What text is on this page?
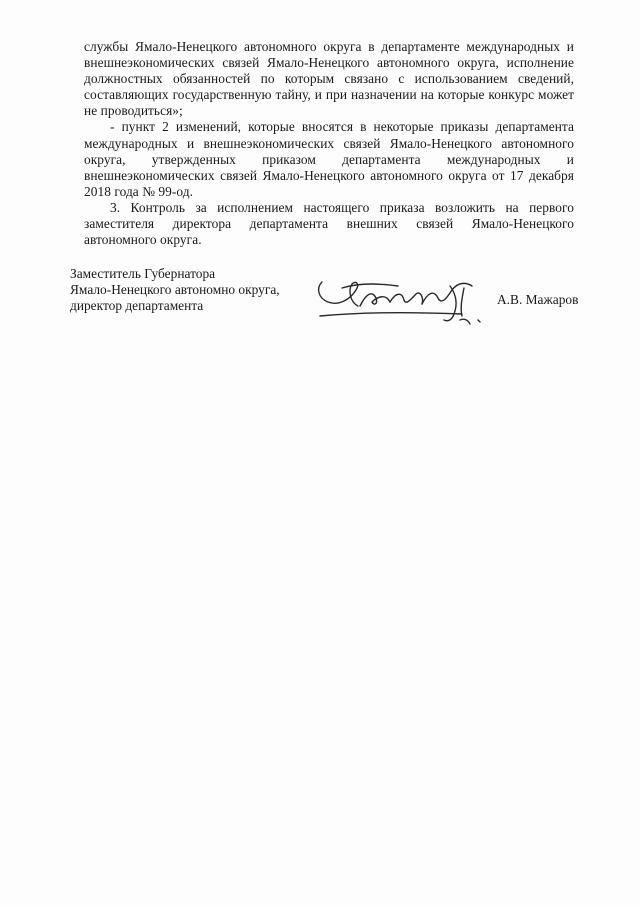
службы Ямало-Ненецкого автономного округа в департаменте международных и внешнеэкономических связей Ямало-Ненецкого автономного округа, исполнение должностных обязанностей по которым связано с использованием сведений, составляющих государственную тайну, и при назначении на которые конкурс может не проводиться»;

- пункт 2 изменений, которые вносятся в некоторые приказы департамента международных и внешнеэкономических связей Ямало-Ненецкого автономного округа, утвержденных приказом департамента международных и внешнеэкономических связей Ямало-Ненецкого автономного округа от 17 декабря 2018 года № 99-од.

3. Контроль за исполнением настоящего приказа возложить на первого заместителя директора департамента внешних связей Ямало-Ненецкого автономного округа.

Заместитель Губернатора
Ямало-Ненецкого автономно округа,
директор департамента	А.В. Мажаров
